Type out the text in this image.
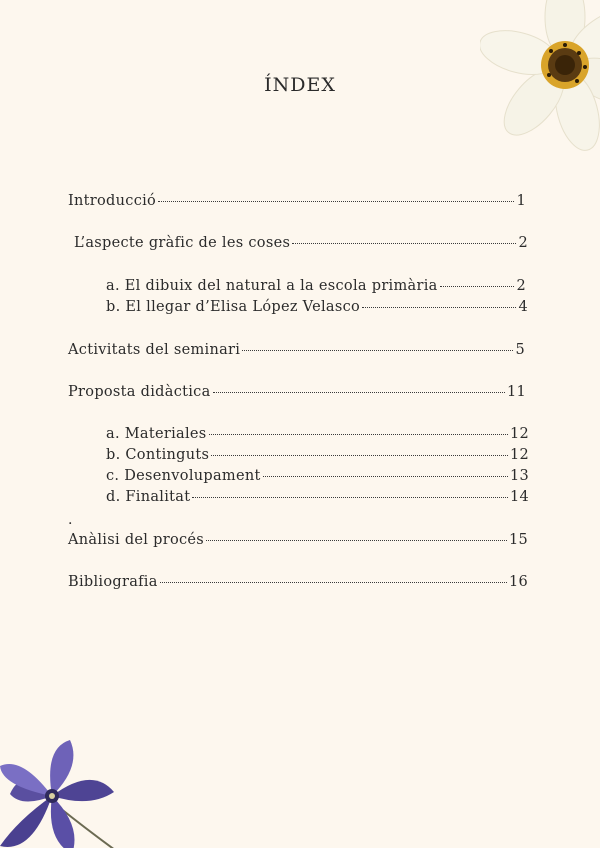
ÍNDEX
Introducció	1
L’aspecte gràfic de les coses	2
a. El dibuix del natural a la escola primària	2
b. El llegar d’Elisa López Velasco	4
Activitats del seminari	5
Proposta didàctica	11
a. Materiales	12
b. Continguts	12
c. Desenvolupament	13
d. Finalitat	14
.
Anàlisi del procés	15
Bibliografia	16
